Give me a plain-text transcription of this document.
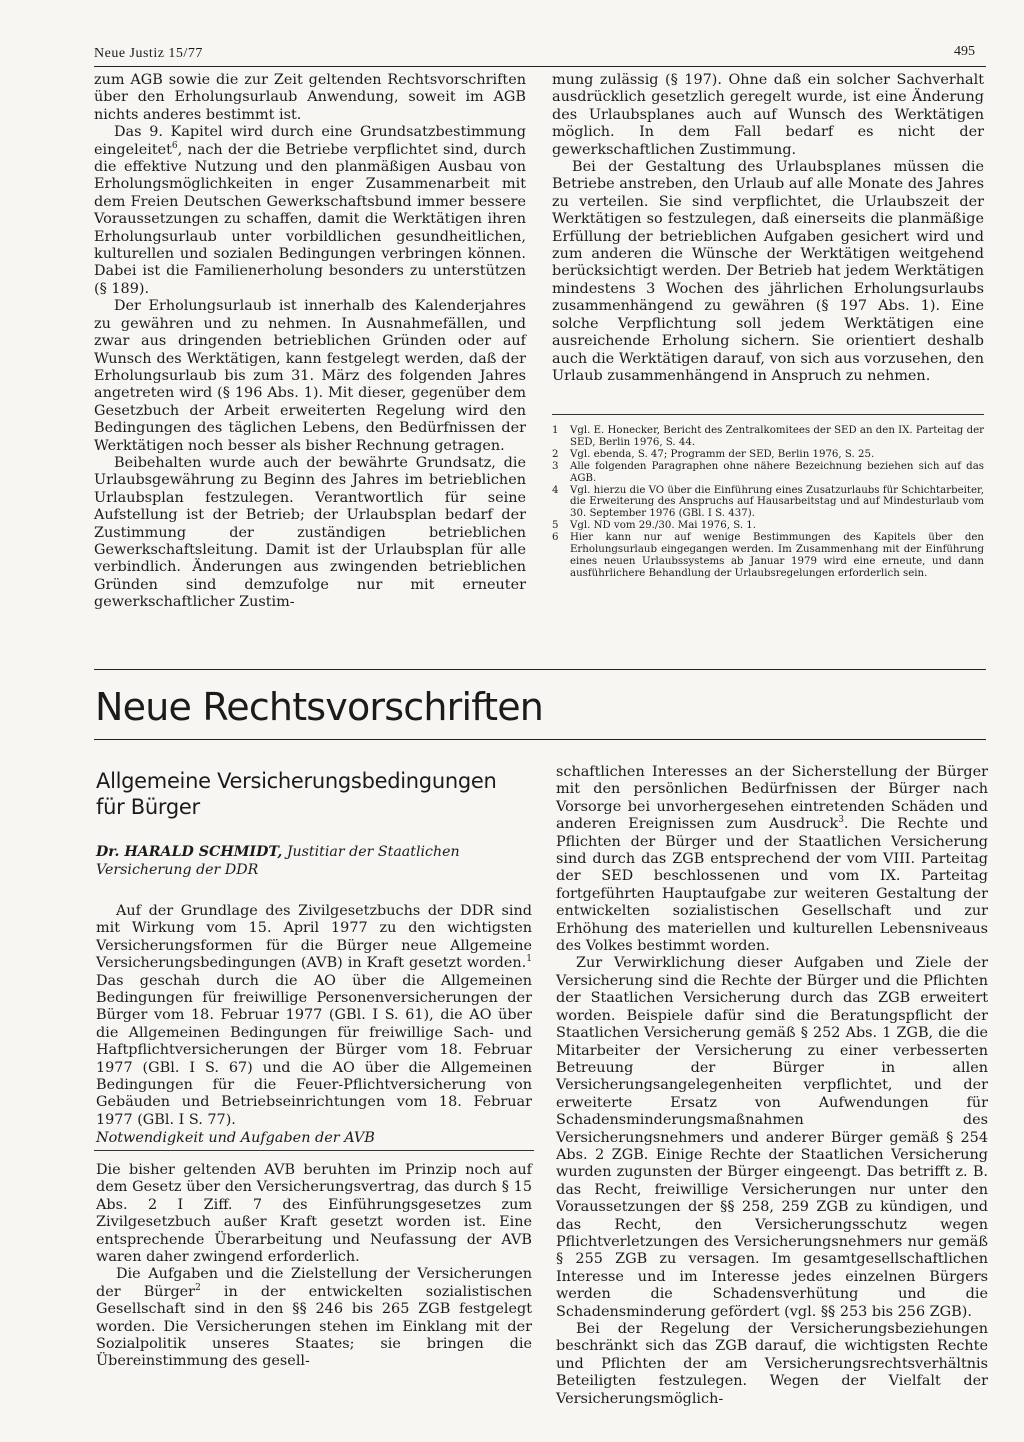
Neue Justiz 15/77	495

zum AGB sowie die zur Zeit geltenden Rechtsvorschriften über den Erholungsurlaub Anwendung, soweit im AGB nichts anderes bestimmt ist.

Das 9. Kapitel wird durch eine Grundsatzbestimmung eingeleitet$^6$, nach der die Betriebe verpflichtet sind, durch die effektive Nutzung und den planmäßigen Ausbau von Erholungsmöglichkeiten in enger Zusammenarbeit mit dem Freien Deutschen Gewerkschaftsbund immer bessere Voraussetzungen zu schaffen, damit die Werktätigen ihren Erholungsurlaub unter vorbildlichen gesundheitlichen, kulturellen und sozialen Bedingungen verbringen können. Dabei ist die Familienerholung besonders zu unterstützen (§ 189).

Der Erholungsurlaub ist innerhalb des Kalenderjahres zu gewähren und zu nehmen. In Ausnahmefällen, und zwar aus dringenden betrieblichen Gründen oder auf Wunsch des Werktätigen, kann festgelegt werden, daß der Erholungsurlaub bis zum 31. März des folgenden Jahres angetreten wird (§ 196 Abs. 1). Mit dieser, gegenüber dem Gesetzbuch der Arbeit erweiterten Regelung wird den Bedingungen des täglichen Lebens, den Bedürfnissen der Werktätigen noch besser als bisher Rechnung getragen.

Beibehalten wurde auch der bewährte Grundsatz, die Urlaubsgewährung zu Beginn des Jahres im betrieblichen Urlaubsplan festzulegen. Verantwortlich für seine Aufstellung ist der Betrieb; der Urlaubsplan bedarf der Zustimmung der zuständigen betrieblichen Gewerkschaftsleitung. Damit ist der Urlaubsplan für alle verbindlich. Änderungen aus zwingenden betrieblichen Gründen sind demzufolge nur mit erneuter gewerkschaftlicher Zustim-

mung zulässig (§ 197). Ohne daß ein solcher Sachverhalt ausdrücklich gesetzlich geregelt wurde, ist eine Änderung des Urlaubsplanes auch auf Wunsch des Werktätigen möglich. In dem Fall bedarf es nicht der gewerkschaftlichen Zustimmung.

Bei der Gestaltung des Urlaubsplanes müssen die Betriebe anstreben, den Urlaub auf alle Monate des Jahres zu verteilen. Sie sind verpflichtet, die Urlaubszeit der Werktätigen so festzulegen, daß einerseits die planmäßige Erfüllung der betrieblichen Aufgaben gesichert wird und zum anderen die Wünsche der Werktätigen weitgehend berücksichtigt werden. Der Betrieb hat jedem Werktätigen mindestens 3 Wochen des jährlichen Erholungsurlaubs zusammenhängend zu gewähren (§ 197 Abs. 1). Eine solche Verpflichtung soll jedem Werktätigen eine ausreichende Erholung sichern. Sie orientiert deshalb auch die Werktätigen darauf, von sich aus vorzusehen, den Urlaub zusammenhängend in Anspruch zu nehmen.

1	Vgl. E. Honecker, Bericht des Zentralkomitees der SED an den IX. Parteitag der SED, Berlin 1976, S. 44.
2	Vgl. ebenda, S. 47; Programm der SED, Berlin 1976, S. 25.
3	Alle folgenden Paragraphen ohne nähere Bezeichnung beziehen sich auf das AGB.
4	Vgl. hierzu die VO über die Einführung eines Zusatzurlaubs für Schichtarbeiter, die Erweiterung des Anspruchs auf Hausarbeitstag und auf Mindesturlaub vom 30. September 1976 (GBl. I S. 437).
5	Vgl. ND vom 29./30. Mai 1976, S. 1.
6	Hier kann nur auf wenige Bestimmungen des Kapitels über den Erholungsurlaub eingegangen werden. Im Zusammenhang mit der Einführung eines neuen Urlaubssystems ab Januar 1979 wird eine erneute, und dann ausführlichere Behandlung der Urlaubsregelungen erforderlich sein.
Neue Rechtsvorschriften
Allgemeine Versicherungsbedingungen
für Bürger
Dr. HARALD SCHMIDT, Justitiar der Staatlichen Versicherung der DDR

Auf der Grundlage des Zivilgesetzbuchs der DDR sind mit Wirkung vom 15. April 1977 zu den wichtigsten Versicherungsformen für die Bürger neue Allgemeine Versicherungsbedingungen (AVB) in Kraft gesetzt worden.$^1$ Das geschah durch die AO über die Allgemeinen Bedingungen für freiwillige Personenversicherungen der Bürger vom 18. Februar 1977 (GBl. I S. 61), die AO über die Allgemeinen Bedingungen für freiwillige Sach- und Haftpflichtversicherungen der Bürger vom 18. Februar 1977 (GBl. I S. 67) und die AO über die Allgemeinen Bedingungen für die Feuer-Pflichtversicherung von Gebäuden und Betriebseinrichtungen vom 18. Februar 1977 (GBl. I S. 77).

Notwendigkeit und Aufgaben der AVB

Die bisher geltenden AVB beruhten im Prinzip noch auf dem Gesetz über den Versicherungsvertrag, das durch § 15 Abs. 2 I Ziff. 7 des Einführungsgesetzes zum Zivilgesetzbuch außer Kraft gesetzt worden ist. Eine entsprechende Überarbeitung und Neufassung der AVB waren daher zwingend erforderlich.

Die Aufgaben und die Zielstellung der Versicherungen der Bürger$^2$ in der entwickelten sozialistischen Gesellschaft sind in den §§ 246 bis 265 ZGB festgelegt worden. Die Versicherungen stehen im Einklang mit der Sozialpolitik unseres Staates; sie bringen die Übereinstimmung des gesell-

schaftlichen Interesses an der Sicherstellung der Bürger mit den persönlichen Bedürfnissen der Bürger nach Vorsorge bei unvorhergesehen eintretenden Schäden und anderen Ereignissen zum Ausdruck$^3$. Die Rechte und Pflichten der Bürger und der Staatlichen Versicherung sind durch das ZGB entsprechend der vom VIII. Parteitag der SED beschlossenen und vom IX. Parteitag fortgeführten Hauptaufgabe zur weiteren Gestaltung der entwickelten sozialistischen Gesellschaft und zur Erhöhung des materiellen und kulturellen Lebensniveaus des Volkes bestimmt worden.

Zur Verwirklichung dieser Aufgaben und Ziele der Versicherung sind die Rechte der Bürger und die Pflichten der Staatlichen Versicherung durch das ZGB erweitert worden. Beispiele dafür sind die Beratungspflicht der Staatlichen Versicherung gemäß § 252 Abs. 1 ZGB, die die Mitarbeiter der Versicherung zu einer verbesserten Betreuung der Bürger in allen Versicherungsangelegenheiten verpflichtet, und der erweiterte Ersatz von Aufwendungen für Schadensminderungsmaßnahmen des Versicherungsnehmers und anderer Bürger gemäß § 254 Abs. 2 ZGB. Einige Rechte der Staatlichen Versicherung wurden zugunsten der Bürger eingeengt. Das betrifft z. B. das Recht, freiwillige Versicherungen nur unter den Voraussetzungen der §§ 258, 259 ZGB zu kündigen, und das Recht, den Versicherungsschutz wegen Pflichtverletzungen des Versicherungsnehmers nur gemäß § 255 ZGB zu versagen. Im gesamtgesellschaftlichen Interesse und im Interesse jedes einzelnen Bürgers werden die Schadensverhütung und die Schadensminderung gefördert (vgl. §§ 253 bis 256 ZGB).

Bei der Regelung der Versicherungsbeziehungen beschränkt sich das ZGB darauf, die wichtigsten Rechte und Pflichten der am Versicherungsrechtsverhältnis Beteiligten festzulegen. Wegen der Vielfalt der Versicherungsmöglich-
